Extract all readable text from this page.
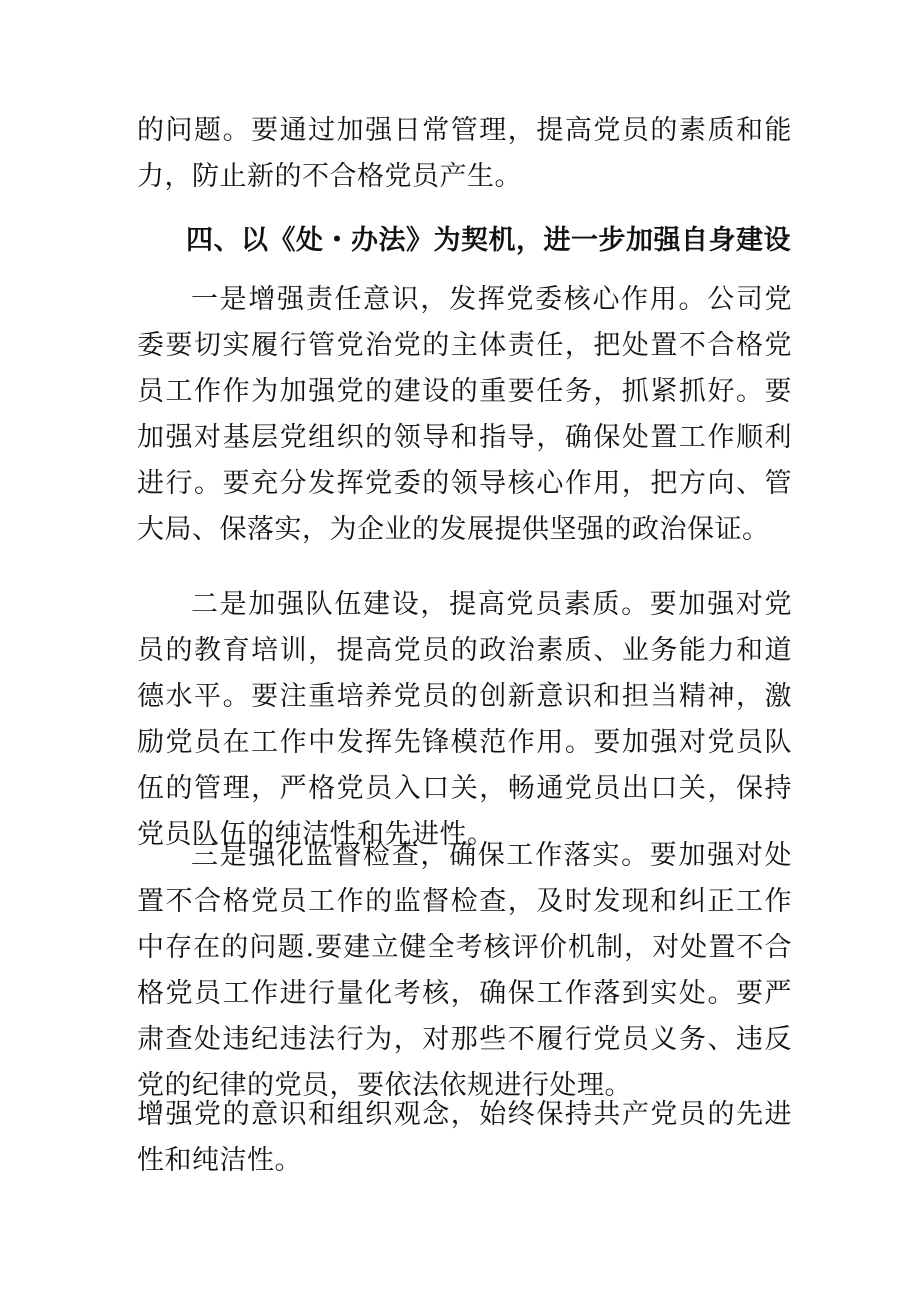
的问题。要通过加强日常管理，提高党员的素质和能力，防止新的不合格党员产生。
四、以《处・办法》为契机，进一步加强自身建设
一是增强责任意识，发挥党委核心作用。公司党委要切实履行管党治党的主体责任，把处置不合格党员工作作为加强党的建设的重要任务，抓紧抓好。要加强对基层党组织的领导和指导，确保处置工作顺利进行。要充分发挥党委的领导核心作用，把方向、管大局、保落实，为企业的发展提供坚强的政治保证。
二是加强队伍建设，提高党员素质。要加强对党员的教育培训，提高党员的政治素质、业务能力和道德水平。要注重培养党员的创新意识和担当精神，激励党员在工作中发挥先锋模范作用。要加强对党员队伍的管理，严格党员入口关，畅通党员出口关，保持党员队伍的纯洁性和先进性。
三是强化监督检查，确保工作落实。要加强对处置不合格党员工作的监督检查，及时发现和纠正工作中存在的问题.要建立健全考核评价机制，对处置不合格党员工作进行量化考核，确保工作落到实处。要严肃查处违纪违法行为，对那些不履行党员义务、违反党的纪律的党员，要依法依规进行处理。
增强党的意识和组织观念，始终保持共产党员的先进性和纯洁性。
